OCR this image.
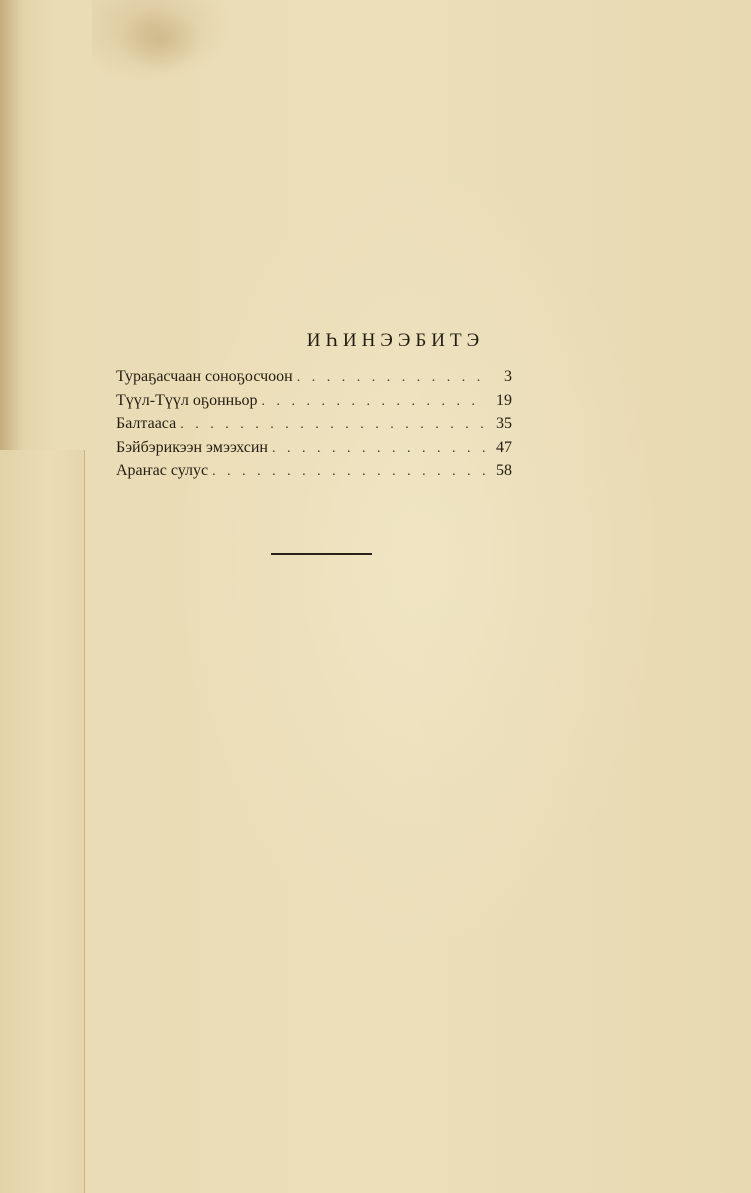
ИҺИНЭЭБИТЭ
Тураҕасчаан соноҕосчоон . . .	3
Түүл-Түүл оҕонньор . . .	19
Балтааса . . .	35
Бэйбэрикээн эмээхсин . . .	47
Араҥас сулус . . .	58
